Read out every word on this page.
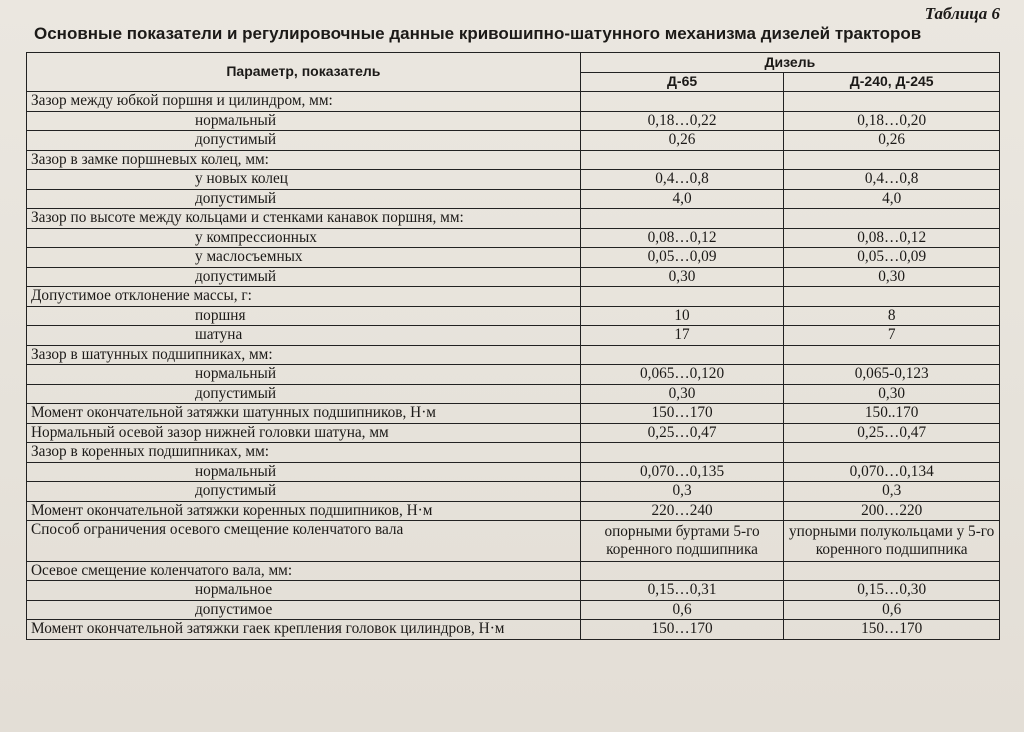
Таблица 6
Основные показатели и регулировочные данные кривошипно-шатунного механизма дизелей тракторов
Параметр, показатель	Дизель	
	Д-65	Д-240, Д-245
Зазор между юбкой поршня и цилиндром, мм:		
нормальный	0,18…0,22	0,18…0,20
допустимый	0,26	0,26
Зазор в замке поршневых колец, мм:		
у новых колец	0,4…0,8	0,4…0,8
допустимый	4,0	4,0
Зазор по высоте между кольцами и стенками канавок поршня, мм:		
у компрессионных	0,08…0,12	0,08…0,12
у маслосъемных	0,05…0,09	0,05…0,09
допустимый	0,30	0,30
Допустимое отклонение массы, г:		
поршня	10	8
шатуна	17	7
Зазор в шатунных подшипниках, мм:		
нормальный	0,065…0,120	0,065-0,123
допустимый	0,30	0,30
Момент окончательной затяжки шатунных подшипников, Н·м	150…170	150..170
Нормальный осевой зазор нижней головки шатуна, мм	0,25…0,47	0,25…0,47
Зазор в коренных подшипниках, мм:		
нормальный	0,070…0,135	0,070…0,134
допустимый	0,3	0,3
Момент окончательной затяжки коренных подшипников, Н·м	220…240	200…220
Способ ограничения осевого смещение коленчатого вала	опорными буртами 5-го коренного подшипника	упорными полукольцами у 5-го коренного подшипника
Осевое смещение коленчатого вала, мм:		
нормальное	0,15…0,31	0,15…0,30
допустимое	0,6	0,6
Момент окончательной затяжки гаек крепления головок цилиндров, Н·м	150…170	150…170
